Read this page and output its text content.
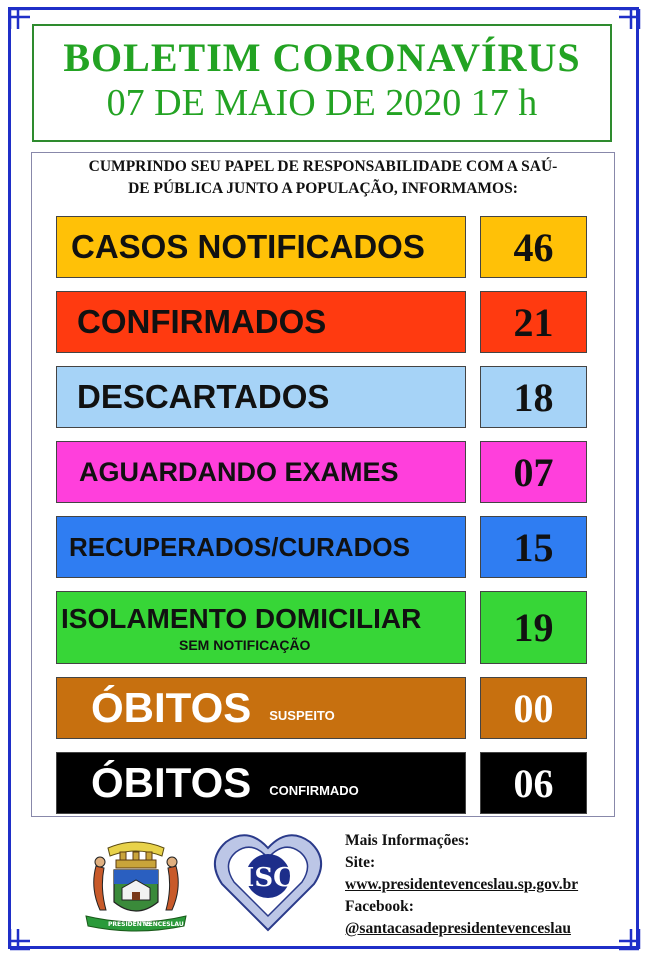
BOLETIM CORONAVÍRUS
07 DE MAIO DE 2020 17 h
CUMPRINDO SEU PAPEL DE RESPONSABILIDADE COM A SAÚ-
DE PÚBLICA JUNTO A POPULAÇÃO, INFORMAMOS:
CASOS NOTIFICADOS	46
CONFIRMADOS	21
DESCARTADOS	18
AGUARDANDO EXAMES	07
RECUPERADOS/CURADOS	15
ISOLAMENTO DOMICILIAR
SEM NOTIFICAÇÃO	19
ÓBITOS SUSPEITO	00
ÓBITOS CONFIRMADO	06
PRESIDENTE
VENCESLAU
ISC
Mais Informações:
Site:
www.presidentevenceslau.sp.gov.br
Facebook:
@santacasadepresidentevenceslau
